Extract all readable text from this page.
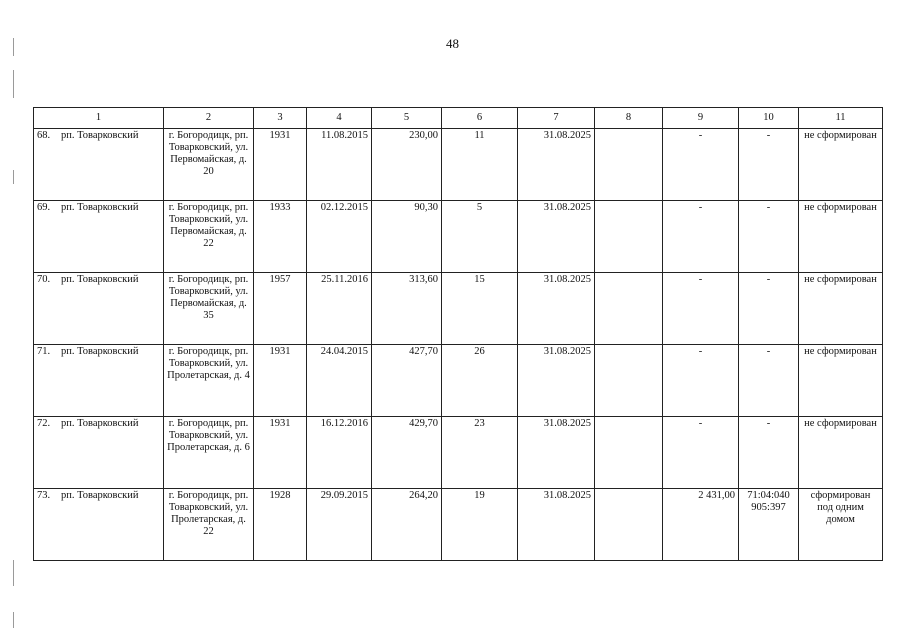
48
1	2	3	4	5	6	7	8	9	10	11
68. рп. Товарковский	г. Богородицк, рп. Товарковский, ул. Первомайская, д. 20	1931	11.08.2015	230,00	11	31.08.2025		-	-	не сформирован
69. рп. Товарковский	г. Богородицк, рп. Товарковский, ул. Первомайская, д. 22	1933	02.12.2015	90,30	5	31.08.2025		-	-	не сформирован
70. рп. Товарковский	г. Богородицк, рп. Товарковский, ул. Первомайская, д. 35	1957	25.11.2016	313,60	15	31.08.2025		-	-	не сформирован
71. рп. Товарковский	г. Богородицк, рп. Товарковский, ул. Пролетарская, д. 4	1931	24.04.2015	427,70	26	31.08.2025		-	-	не сформирован
72. рп. Товарковский	г. Богородицк, рп. Товарковский, ул. Пролетарская, д. 6	1931	16.12.2016	429,70	23	31.08.2025		-	-	не сформирован
73. рп. Товарковский	г. Богородицк, рп. Товарковский, ул. Пролетарская, д. 22	1928	29.09.2015	264,20	19	31.08.2025		2 431,00	71:04:040 905:397	сформирован под одним домом
